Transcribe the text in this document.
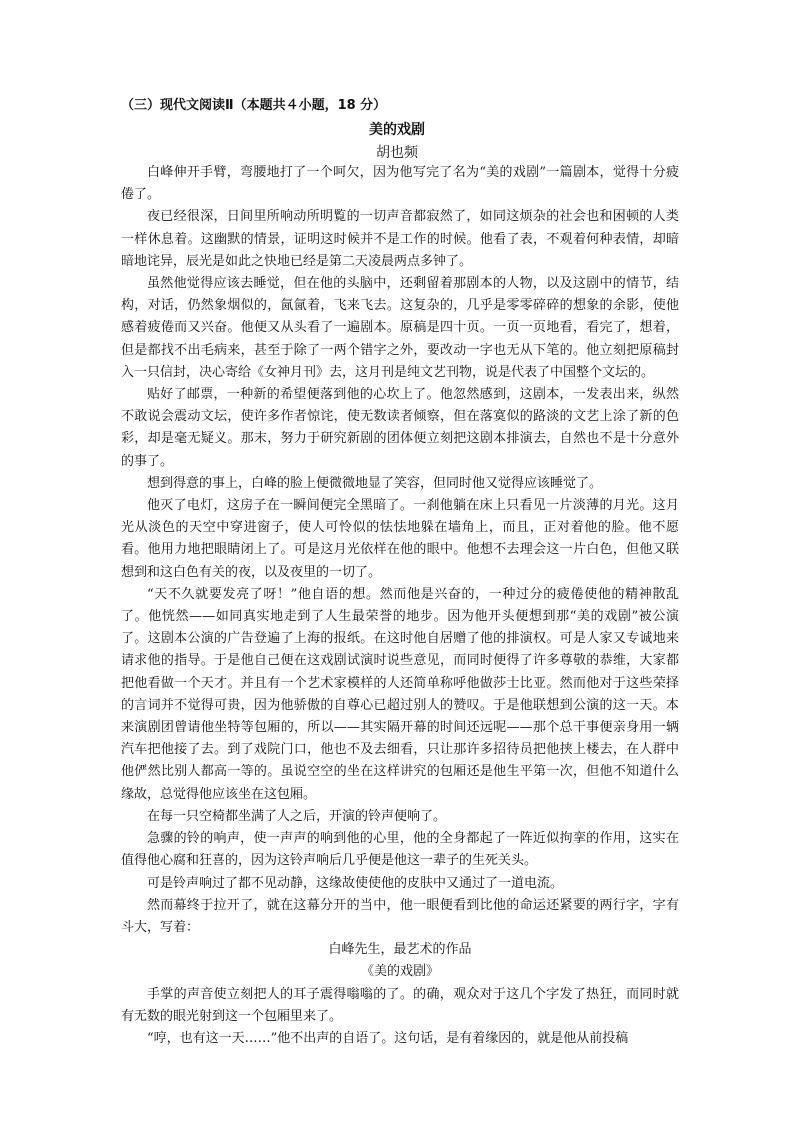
（三）现代文阅读Ⅱ（本题共４小题，18 分）
美的戏剧
胡也频

白峰伸开手臂，弯腰地打了一个呵欠，因为他写完了名为“美的戏剧”一篇剧本，觉得十分疲倦了。

夜已经很深，日间里所响动所明覧的一切声音都寂然了，如同这烦杂的社会也和困顿的人类一样休息着。这幽默的情景，证明这时候并不是工作的时候。他看了表，不观着何种表情，却暗暗地诧异，辰光是如此之快地已经是第二天凌晨两点多钟了。

虽然他觉得应该去睡觉，但在他的头脑中，还剩留着那剧本的人物，以及这剧中的情节，结构，对话，仍然象烟似的，氤氤着，飞来飞去。这复杂的，几乎是零零碎碎的想象的余影，使他感着疲倦而又兴奋。他便又从头看了一遍剧本。原稿是四十页。一页一页地看，看完了，想着，但是都找不出毛病来，甚至于除了一两个错字之外，要改动一字也无从下笔的。他立刻把原稿封入一只信封，决心寄给《女神月刊》去，这月刊是纯文艺刊物，说是代表了中国整个文坛的。

贴好了邮票，一种新的希望便落到他的心坎上了。他忽然感到，这剧本，一发表出来，纵然不敢说会震动文坛，使许多作者惊诧，使无数读者倾察，但在落寞似的路淡的文艺上涂了新的色彩，却是毫无疑义。那末，努力于研究新剧的团体便立刻把这剧本排演去，自然也不是十分意外的事了。

想到得意的事上，白峰的脸上便微微地显了笑容，但同时他又觉得应该睡觉了。

他灭了电灯，这房子在一瞬间便完全黑暗了。一刹他躺在床上只看见一片淡薄的月光。这月光从淡色的天空中穿进窗子，使人可怜似的怯怯地躲在墙角上，而且，正对着他的脸。他不愿看。他用力地把眼睛闭上了。可是这月光依样在他的眼中。他想不去理会这一片白色，但他又联想到和这白色有关的夜，以及夜里的一切了。

“天不久就要发亮了呀！”他自语的想。然而他是兴奋的，一种过分的疲倦使他的精神散乱了。他恍然——如同真实地走到了人生最荣誉的地步。因为他开头便想到那“美的戏剧”被公演了。这剧本公演的广告登遍了上海的报纸。在这时他自居赠了他的排演权。可是人家又专诚地来请求他的指导。于是他自己便在这戏剧试演时说些意见，而同时便得了许多尊敬的恭维，大家都把他看做一个天才。并且有一个艺术家模样的人还简单称呼他做莎士比亚。然而他对于这些荣择的言词并不觉得可贵，因为他骄傲的自尊心已超过别人的赞叹。于是他联想到公演的这一天。本来演剧团曾请他坐特等包厢的，所以——其实隔开幕的时间还远呢——那个总干事便亲身用一辆汽车把他接了去。到了戏院门口，他也不及去细看，只让那许多招待员把他挟上楼去，在人群中他俨然比别人都高一等的。虽说空空的坐在这样讲究的包厢还是他生平第一次，但他不知道什么缘故，总觉得他应该坐在这包厢。

在每一只空椅都坐满了人之后，开演的铃声便响了。

急骤的铃的响声，使一声声的响到他的心里，他的全身都起了一阵近似拘挛的作用，这实在值得他心腐和狂喜的，因为这铃声响后几乎便是他这一辈子的生死关头。

可是铃声响过了都不见动静，这缘故使使他的皮肤中又通过了一道电流。

然而幕终于拉开了，就在这幕分开的当中，他一眼便看到比他的命运还紧要的两行字，字有斗大，写着：

白峰先生，最艺术的作品

《美的戏剧》

手掌的声音使立刻把人的耳子震得嗡嗡的了。的确，观众对于这几个字发了热狂，而同时就有无数的眼光射到这一个包厢里来了。

“哼，也有这一天……”他不出声的自语了。这句话，是有着缘因的，就是他从前投稿
